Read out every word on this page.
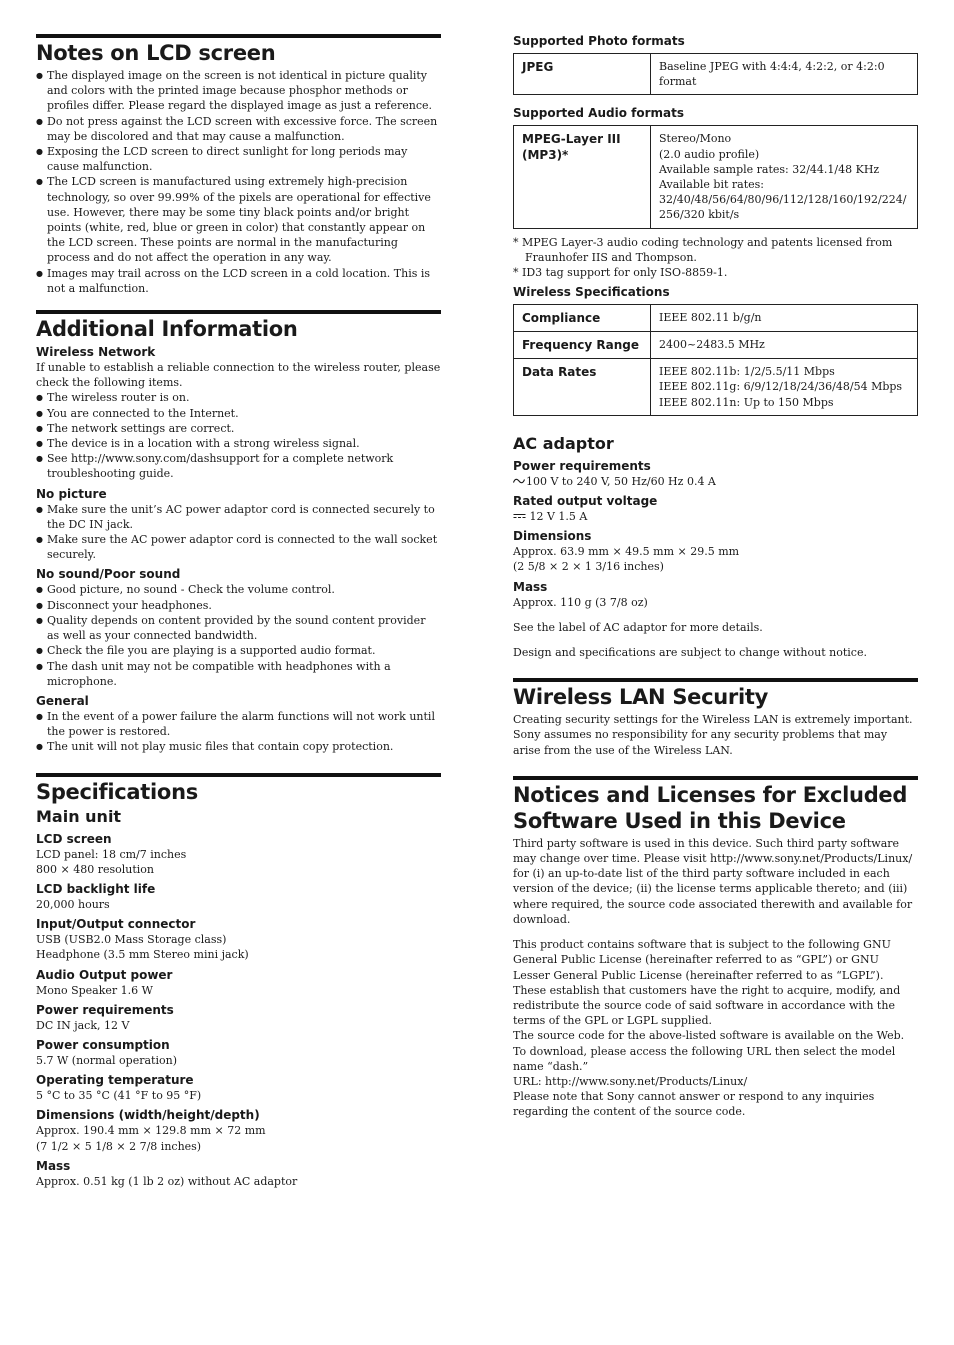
Notes on LCD screen
● The displayed image on the screen is not identical in picture quality and colors with the printed image because phosphor methods or profiles differ. Please regard the displayed image as just a reference.
● Do not press against the LCD screen with excessive force. The screen may be discolored and that may cause a malfunction.
● Exposing the LCD screen to direct sunlight for long periods may cause malfunction.
● The LCD screen is manufactured using extremely high-precision technology, so over 99.99% of the pixels are operational for effective use. However, there may be some tiny black points and/or bright points (white, red, blue or green in color) that constantly appear on the LCD screen. These points are normal in the manufacturing process and do not affect the operation in any way.
● Images may trail across on the LCD screen in a cold location. This is not a malfunction.
Additional Information
Wireless Network

If unable to establish a reliable connection to the wireless router, please check the following items.

● The wireless router is on.
● You are connected to the Internet.
● The network settings are correct.
● The device is in a location with a strong wireless signal.
● See http://www.sony.com/dashsupport for a complete network troubleshooting guide.
No picture
● Make sure the unit’s AC power adaptor cord is connected securely to the DC IN jack.
● Make sure the AC power adaptor cord is connected to the wall socket securely.
No sound/Poor sound
● Good picture, no sound - Check the volume control.
● Disconnect your headphones.
● Quality depends on content provided by the sound content provider as well as your connected bandwidth.
● Check the file you are playing is a supported audio format.
● The dash unit may not be compatible with headphones with a microphone.
General
● In the event of a power failure the alarm functions will not work until the power is restored.
● The unit will not play music files that contain copy protection.
Specifications
Main unit
LCD screen

LCD panel: 18 cm/7 inches

800 × 480 resolution

LCD backlight life

20,000 hours

Input/Output connector

USB (USB2.0 Mass Storage class)

Headphone (3.5 mm Stereo mini jack)

Audio Output power

Mono Speaker 1.6 W

Power requirements

DC IN jack, 12 V

Power consumption

5.7 W (normal operation)

Operating temperature

5 °C to 35 °C (41 °F to 95 °F)

Dimensions (width/height/depth)

Approx. 190.4 mm × 129.8 mm × 72 mm

(7 1/2 × 5 1/8 × 2 7/8 inches)

Mass

Approx. 0.51 kg (1 lb 2 oz) without AC adaptor

Supported Photo formats
JPEG	Baseline JPEG with 4:4:4, 4:2:2, or 4:2:0 format
Supported Audio formats
MPEG-Layer III
(MP3)*

Stereo/Mono
(2.0 audio profile)
Available sample rates: 32/44.1/48 KHz
Available bit rates:
32/40/48/56/64/80/96/112/128/160/192/224/
256/320 kbit/s

* MPEG Layer-3 audio coding technology and patents licensed from Fraunhofer IIS and Thompson.

* ID3 tag support for only ISO-8859-1.

Wireless Specifications
Compliance	IEEE 802.11 b/g/n
Frequency Range	2400~2483.5 MHz
Data Rates	IEEE 802.11b: 1/2/5.5/11 Mbps
IEEE 802.11g: 6/9/12/18/24/36/48/54 Mbps
IEEE 802.11n: Up to 150 Mbps
AC adaptor
Power requirements

100 V to 240 V, 50 Hz/60 Hz 0.4 A

Rated output voltage

12 V 1.5 A

Dimensions

Approx. 63.9 mm × 49.5 mm × 29.5 mm

(2 5/8 × 2 × 1 3/16 inches)

Mass

Approx. 110 g (3 7/8 oz)

See the label of AC adaptor for more details.

Design and specifications are subject to change without notice.

Wireless LAN Security

Creating security settings for the Wireless LAN is extremely important. Sony assumes no responsibility for any security problems that may arise from the use of the Wireless LAN.

Notices and Licenses for Excluded
Software Used in this Device

Third party software is used in this device. Such third party software may change over time. Please visit http://www.sony.net/Products/Linux/ for (i) an up-to-date list of the third party software included in each version of the device; (ii) the license terms applicable thereto; and (iii) where required, the source code associated therewith and available for download.

This product contains software that is subject to the following GNU General Public License (hereinafter referred to as “GPL”) or GNU Lesser General Public License (hereinafter referred to as “LGPL”). These establish that customers have the right to acquire, modify, and redistribute the source code of said software in accordance with the terms of the GPL or LGPL supplied.

The source code for the above-listed software is available on the Web.

To download, please access the following URL then select the model name “dash.”

URL: http://www.sony.net/Products/Linux/

Please note that Sony cannot answer or respond to any inquiries regarding the content of the source code.
